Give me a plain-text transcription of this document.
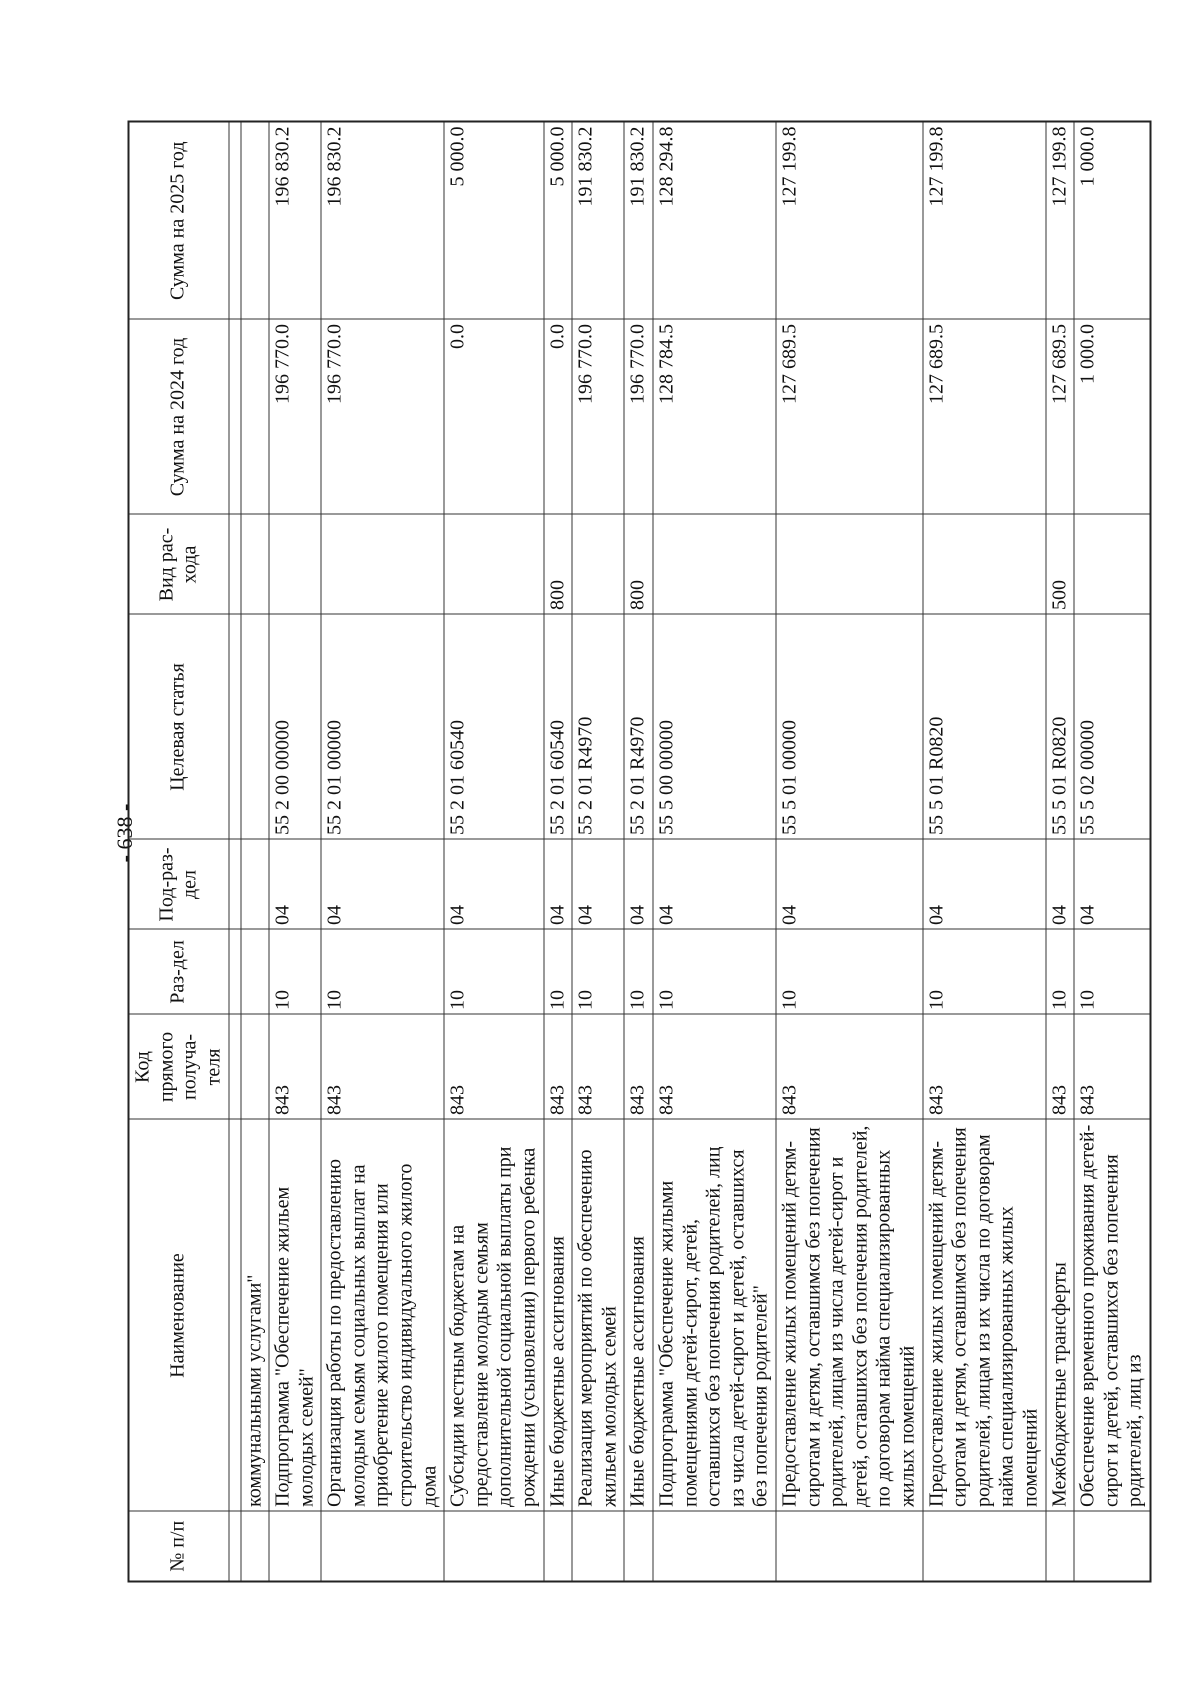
- 638 -
№ п/п	Наименование	Код прямого получа-теля	Раз-дел	Под-раз-дел	Целевая статья	Вид рас-хода	Сумма на 2024 год	Сумма на 2025 год

	коммунальными услугами"							
	Подпрограмма "Обеспечение жильем молодых семей"	843	10	04	55 2 00 00000		196 770.0	196 830.2
	Организация работы по предоставлению молодым семьям социальных выплат на приобретение жилого помещения или строительство индивидуального жилого дома	843	10	04	55 2 01 00000		196 770.0	196 830.2
	Субсидии местным бюджетам на предоставление молодым семьям дополнительной социальной выплаты при рождении (усыновлении) первого ребенка	843	10	04	55 2 01 60540		0.0	5 000.0
	Иные бюджетные ассигнования	843	10	04	55 2 01 60540	800	0.0	5 000.0
	Реализация мероприятий по обеспечению жильем молодых семей	843	10	04	55 2 01 R4970		196 770.0	191 830.2
	Иные бюджетные ассигнования	843	10	04	55 2 01 R4970	800	196 770.0	191 830.2
	Подпрограмма "Обеспечение жилыми помещениями детей-сирот, детей, оставшихся без попечения родителей, лиц из числа детей-сирот и детей, оставшихся без попечения родителей"	843	10	04	55 5 00 00000		128 784.5	128 294.8
	Предоставление жилых помещений детям-сиротам и детям, оставшимся без попечения родителей, лицам из числа детей-сирот и детей, оставшихся без попечения родителей, по договорам найма специализированных жилых помещений	843	10	04	55 5 01 00000		127 689.5	127 199.8
	Предоставление жилых помещений детям-сиротам и детям, оставшимся без попечения родителей, лицам из их числа по договорам найма специализированных жилых помещений	843	10	04	55 5 01 R0820		127 689.5	127 199.8
	Межбюджетные трансферты	843	10	04	55 5 01 R0820	500	127 689.5	127 199.8
	Обеспечение временного проживания детей-сирот и детей, оставшихся без попечения родителей, лиц из	843	10	04	55 5 02 00000		1 000.0	1 000.0
